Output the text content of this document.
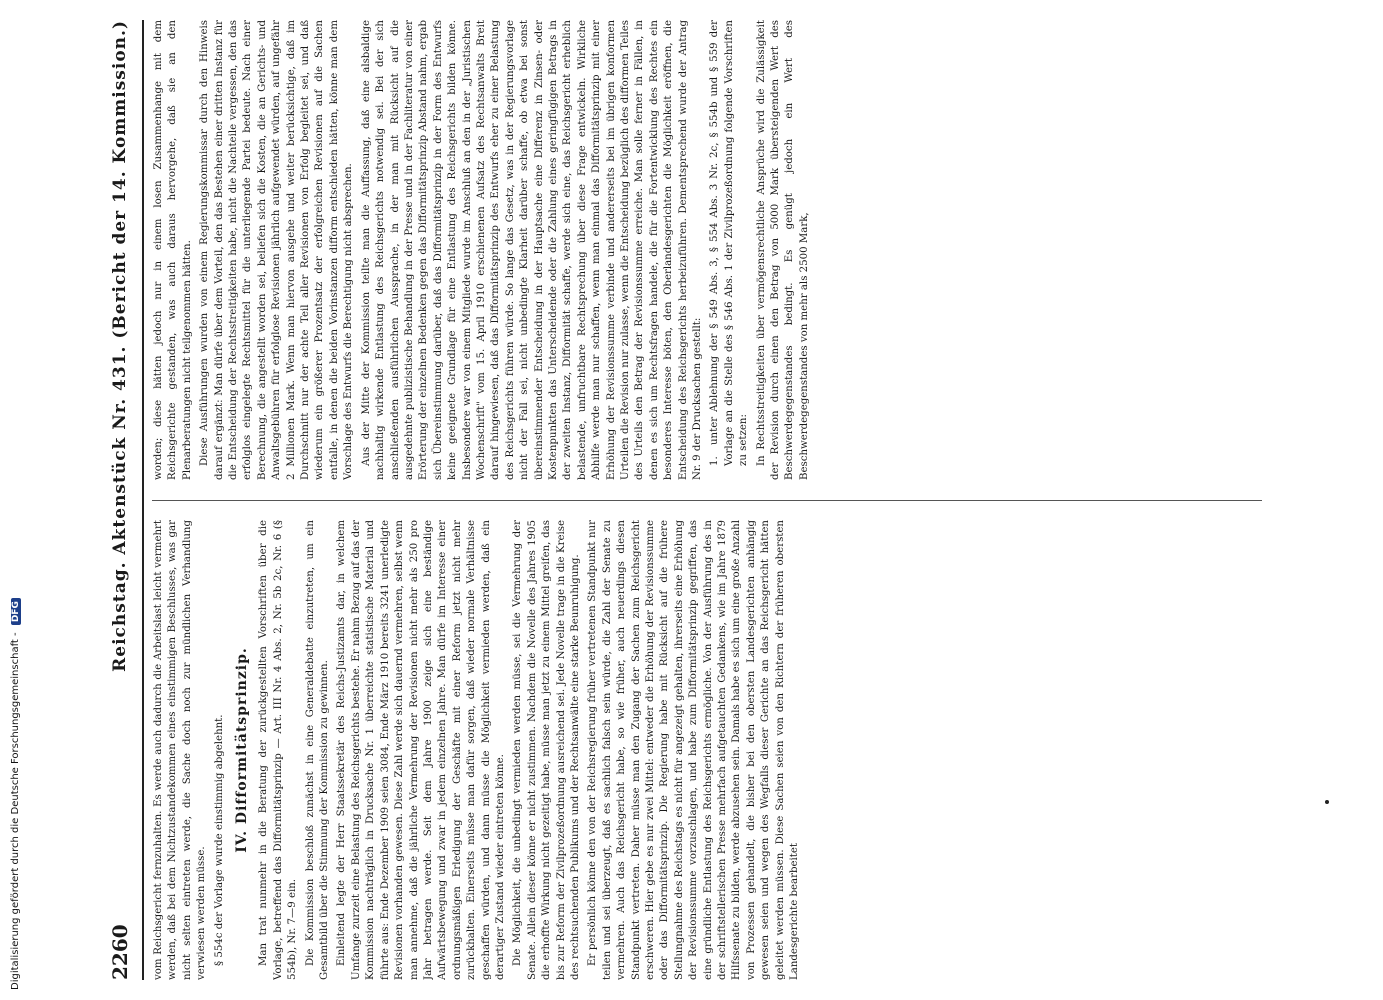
2260
Reichstag. Aktenstück Nr. 431. (Bericht der 14. Kommission.)

vom Reichsgericht fernzuhalten. Es werde auch dadurch die Arbeitslast leicht vermehrt werden, daß bei dem Nichtzustandekommen eines einstimmigen Beschlusses, was gar nicht selten eintreten werde, die Sache doch noch zur mündlichen Verhandlung verwiesen werden müsse. § 554c der Vorlage wurde einstimmig abgelehnt. IV. Difformitätsprinzip. Man trat nunmehr in die Beratung der zurückgestellten Vorschriften über die Vorlage, betreffend das Difformitätsprinzip — Art. III Nr. 4 Abs. 2, Nr. 5b 2c, Nr. 6 (§ 554b), Nr. 7—9 ein. Die Kommission beschloß zunächst in eine Generaldebatte einzutreten, um ein Gesamtbild über die Stimmung der Kommission zu gewinnen. Einleitend legte der Herr Staatssekretär des Reichs-Justizamts dar, in welchem Umfange zurzeit eine Belastung des Reichsgerichts bestehe. Er nahm Bezug auf das der Kommission nachträglich in Drucksache Nr. 1 überreichte statistische Material und führte aus: Ende Dezember 1909 seien 3084, Ende März 1910 bereits 3241 unerledigte Revisionen vorhanden gewesen. Diese Zahl werde sich dauernd vermehren, selbst wenn man annehme, daß die jährliche Vermehrung der Revisionen nicht mehr als 250 pro Jahr betragen werde. Seit dem Jahre 1900 zeige sich eine beständige Aufwärtsbewegung und zwar in jedem einzelnen Jahre. Man dürfe im Interesse einer ordnungsmäßigen Erledigung der Geschäfte mit einer Reform jetzt nicht mehr zurückhalten. Einerseits müsse man dafür sorgen, daß wieder normale Verhältnisse geschaffen würden, und dann müsse die Möglichkeit vermieden werden, daß ein derartiger Zustand wieder eintreten könne. Die Möglichkeit, die unbedingt vermieden werden müsse, sei die Vermehrung der Senate. Allein dieser könne er nicht zustimmen. Nachdem die Novelle des Jahres 1905 die erhoffte Wirkung nicht gezeitigt habe, müsse man jetzt zu einem Mittel greifen, das bis zur Reform der Zivilprozeßordnung ausreichend sei. Jede Novelle trage in die Kreise des rechtsuchenden Publikums und der Rechtsanwälte eine starke Beunruhigung. Er persönlich könne den von der Reichsregierung früher vertretenen Standpunkt nur teilen und sei überzeugt, daß es sachlich falsch sein würde, die Zahl der Senate zu vermehren. Auch das Reichsgericht habe, so wie früher, auch neuerdings diesen Standpunkt vertreten. Daher müsse man den Zugang der Sachen zum Reichsgericht erschweren. Hier gebe es nur zwei Mittel: entweder die Erhöhung der Revisionssumme oder das Difformitätsprinzip. Die Regierung habe mit Rücksicht auf die frühere Stellungnahme des Reichstags es nicht für angezeigt gehalten, ihrerseits eine Erhöhung der Revisionssumme vorzuschlagen, und habe zum Difformitätsprinzip gegriffen, das eine gründliche Entlastung des Reichsgerichts ermögliche. Von der Ausführung des in der schriftstellerischen Presse mehrfach aufgetauchten Gedankens, wie im Jahre 1879 Hilfssenate zu bilden, werde abzusehen sein. Damals habe es sich um eine große Anzahl von Prozessen gehandelt, die bisher bei den obersten Landesgerichten anhängig gewesen seien und wegen des Wegfalls dieser Gerichte an das Reichsgericht hätten geleitet werden müssen. Diese Sachen seien von den Richtern der früheren obersten Landesgerichte bearbeitet

worden; diese hätten jedoch nur in einem losen Zusammenhange mit dem Reichsgerichte gestanden, was auch daraus hervorgehe, daß sie an den Plenarberatungen nicht teilgenommen hätten. Diese Ausführungen wurden von einem Regierungskommissar durch den Hinweis darauf ergänzt: Man dürfe über dem Vorteil, den das Bestehen einer dritten Instanz für die Entscheidung der Rechtsstreitigkeiten habe, nicht die Nachteile vergessen, den das erfolglos eingelegte Rechtsmittel für die unterliegende Partei bedeute. Nach einer Berechnung, die angestellt worden sei, beliefen sich die Kosten, die an Gerichts- und Anwaltsgebühren für erfolglose Revisionen jährlich aufgewendet würden, auf ungefähr 2 Millionen Mark. Wenn man hiervon ausgehe und weiter berücksichtige, daß im Durchschnitt nur der achte Teil aller Revisionen von Erfolg begleitet sei, und daß wiederum ein größerer Prozentsatz der erfolgreichen Revisionen auf die Sachen entfalle, in denen die beiden Vorinstanzen difform entschieden hätten, könne man dem Vorschlage des Entwurfs die Berechtigung nicht absprechen. Aus der Mitte der Kommission teilte man die Auffassung, daß eine alsbaldige nachhaltig wirkende Entlastung des Reichsgerichts notwendig sei. Bei der sich anschließenden ausführlichen Aussprache, in der man mit Rücksicht auf die ausgedehnte publizistische Behandlung in der Presse und in der Fachliteratur von einer Erörterung der einzelnen Bedenken gegen das Difformitätsprinzip Abstand nahm, ergab sich Übereinstimmung darüber, daß das Difformitätsprinzip in der Form des Entwurfs keine geeignete Grundlage für eine Entlastung des Reichsgerichts bilden könne. Insbesondere war von einem Mitgliede wurde im Anschluß an den in der „Juristischen Wochenschrift" vom 15. April 1910 erschienenen Aufsatz des Rechtsanwalts Breit darauf hingewiesen, daß das Difformitätsprinzip des Entwurfs eher zu einer Belastung des Reichsgerichts führen würde. So lange das Gesetz, was in der Regierungsvorlage nicht der Fall sei, nicht unbedingte Klarheit darüber schaffe, ob etwa bei sonst übereinstimmender Entscheidung in der Hauptsache eine Differenz in Zinsen- oder Kostenpunkten das Unterscheidende oder die Zahlung eines geringfügigen Betrags in der zweiten Instanz, Difformität schaffe, werde sich eine, das Reichsgericht erheblich belastende, unfruchtbare Rechtsprechung über diese Frage entwickeln. Wirkliche Abhilfe werde man nur schaffen, wenn man einmal das Difformitätsprinzip mit einer Erhöhung der Revisionssumme verbinde und andererseits bei im übrigen konformen Urteilen die Revision nur zulasse, wenn die Entscheidung bezüglich des difformen Teiles des Urteils den Betrag der Revisionssumme erreiche. Man solle ferner in Fällen, in denen es sich um Rechtsfragen handele, die für die Fortentwicklung des Rechtes ein besonderes Interesse böten, den Oberlandesgerichten die Möglichkeit eröffnen, die Entscheidung des Reichsgerichts herbeizuführen. Dementsprechend wurde der Antrag Nr. 9 der Drucksachen gestellt: 1. unter Ablehnung der § 549 Abs. 3, § 554 Abs. 3 Nr. 2c, § 554b und § 559 der Vorlage an die Stelle des § 546 Abs. 1 der Zivilprozeßordnung folgende Vorschriften zu setzen: In Rechtsstreitigkeiten über vermögensrechtliche Ansprüche wird die Zulässigkeit der Revision durch einen den Betrag von 5000 Mark übersteigenden Wert des Beschwerdegegenstandes bedingt. Es genügt jedoch ein Wert des Beschwerdegegenstandes von mehr als 2500 Mark,

Digitalisierung gefördert durch die Deutsche Forschungsgemeinschaft - DFG
